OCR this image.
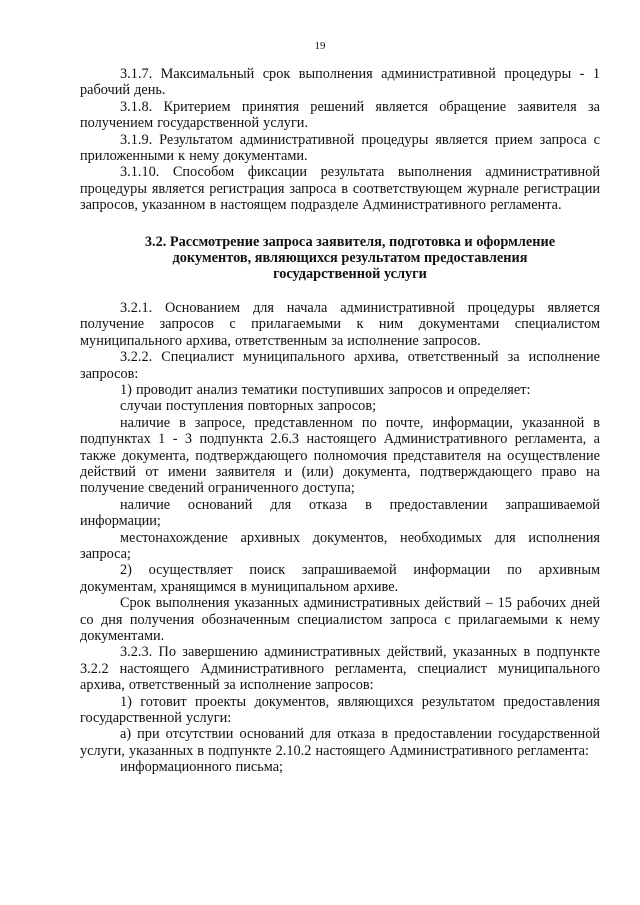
19

3.1.7. Максимальный срок выполнения административной процедуры - 1 рабочий день.

3.1.8. Критерием принятия решений является обращение заявителя за получением государственной услуги.

3.1.9. Результатом административной процедуры является прием запроса с приложенными к нему документами.

3.1.10. Способом фиксации результата выполнения административной процедуры является регистрация запроса в соответствующем журнале регистрации запросов, указанном в настоящем подразделе Административного регламента.

3.2. Рассмотрение запроса заявителя, подготовка и оформление
документов, являющихся результатом предоставления
государственной услуги

3.2.1. Основанием для начала административной процедуры является получение запросов с прилагаемыми к ним документами специалистом муниципального архива, ответственным за исполнение запросов.

3.2.2. Специалист муниципального архива, ответственный за исполнение запросов:

1) проводит анализ тематики поступивших запросов и определяет:

случаи поступления повторных запросов;

наличие в запросе, представленном по почте, информации, указанной в подпунктах 1 - 3 подпункта 2.6.3 настоящего Административного регламента, а также документа, подтверждающего полномочия представителя на осуществление действий от имени заявителя и (или) документа, подтверждающего право на получение сведений ограниченного доступа;

наличие оснований для отказа в предоставлении запрашиваемой информации;

местонахождение архивных документов, необходимых для исполнения запроса;

2) осуществляет поиск запрашиваемой информации по архивным документам, хранящимся в муниципальном архиве.

Срок выполнения указанных административных действий – 15 рабочих дней со дня получения обозначенным специалистом запроса с прилагаемыми к нему документами.

3.2.3. По завершению административных действий, указанных в подпункте 3.2.2 настоящего Административного регламента, специалист муниципального архива, ответственный за исполнение запросов:

1) готовит проекты документов, являющихся результатом предоставления государственной услуги:

а) при отсутствии оснований для отказа в предоставлении государственной услуги, указанных в подпункте 2.10.2 настоящего Административного регламента:

информационного письма;
